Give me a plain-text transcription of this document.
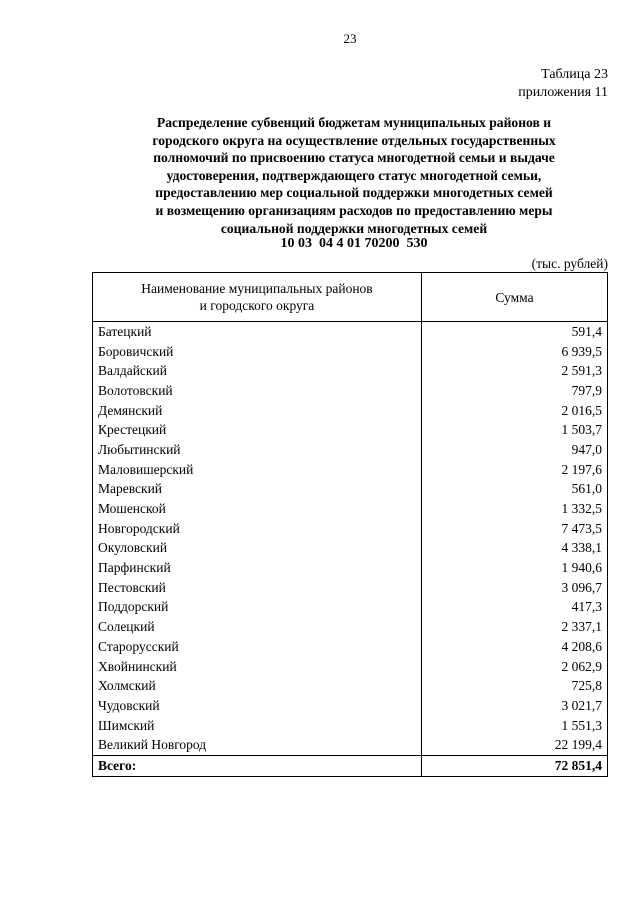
23
Таблица 23
приложения 11
Распределение субвенций бюджетам муниципальных районов и
городского округа на осуществление отдельных государственных
полномочий по присвоению статуса многодетной семьи и выдаче
удостоверения, подтверждающего статус многодетной семьи,
предоставлению мер социальной поддержки многодетных семей
и возмещению организациям расходов по предоставлению меры
социальной поддержки многодетных семей
10 03  04 4 01 70200  530
(тыс. рублей)
Наименование муниципальных районов
и городского округа	Сумма
Батецкий	591,4
Боровичский	6 939,5
Валдайский	2 591,3
Волотовский	797,9
Демянский	2 016,5
Крестецкий	1 503,7
Любытинский	947,0
Маловишерский	2 197,6
Маревский	561,0
Мошенской	1 332,5
Новгородский	7 473,5
Окуловский	4 338,1
Парфинский	1 940,6
Пестовский	3 096,7
Поддорский	417,3
Солецкий	2 337,1
Старорусский	4 208,6
Хвойнинский	2 062,9
Холмский	725,8
Чудовский	3 021,7
Шимский	1 551,3
Великий Новгород	22 199,4
Всего:	72 851,4
